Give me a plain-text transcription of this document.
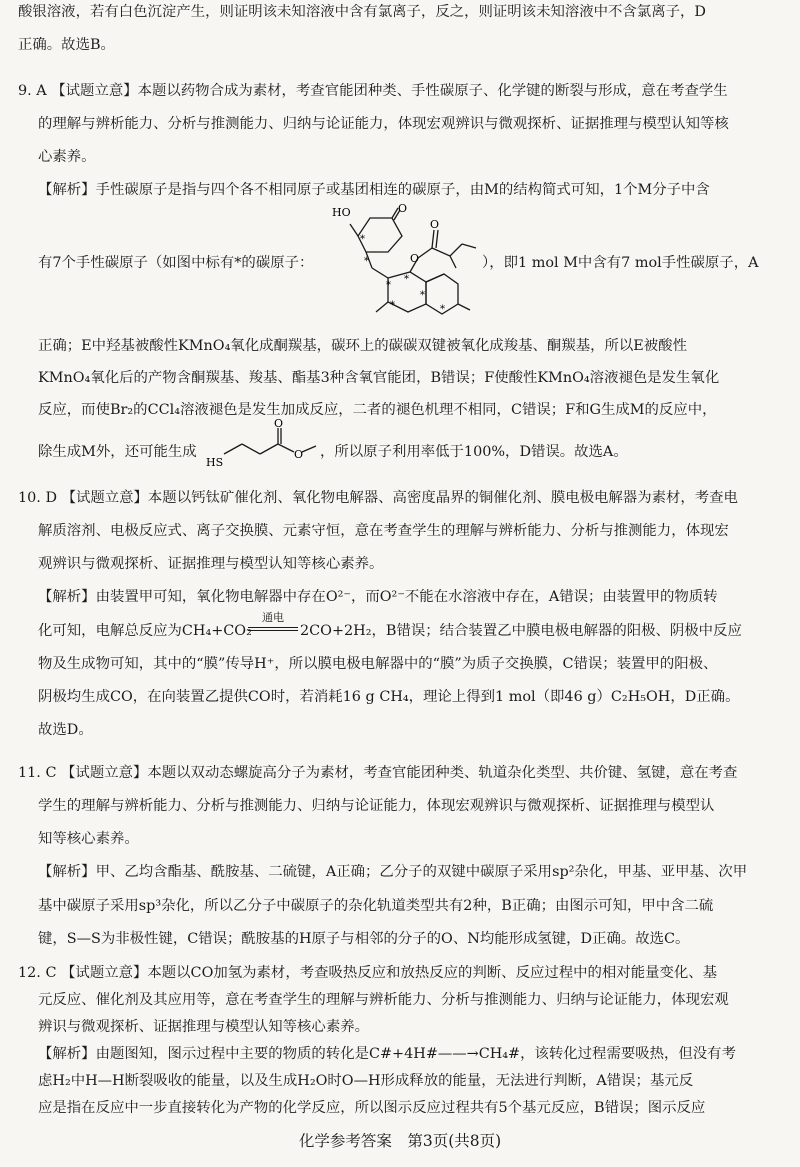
酸银溶液，若有白色沉淀产生，则证明该未知溶液中含有氯离子，反之，则证明该未知溶液中不含氯离子，D
正确。故选B。
9. A 【试题立意】本题以药物合成为素材，考查官能团种类、手性碳原子、化学键的断裂与形成，意在考查学生
的理解与辨析能力、分析与推测能力、归纳与论证能力，体现宏观辨识与微观探析、证据推理与模型认知等核
心素养。
【解析】手性碳原子是指与四个各不相同原子或基团相连的碳原子，由M的结构简式可知，1个M分子中含
HO	O
O
O
*
*
*
*
*
*	*
有7个手性碳原子（如图中标有*的碳原子：	），即1 mol M中含有7 mol手性碳原子，A
正确；E中羟基被酸性KMnO₄氧化成酮羰基，碳环上的碳碳双键被氧化成羧基、酮羰基，所以E被酸性
KMnO₄氧化后的产物含酮羰基、羧基、酯基3种含氧官能团，B错误；F使酸性KMnO₄溶液褪色是发生氧化
反应，而使Br₂的CCl₄溶液褪色是发生加成反应，二者的褪色机理不相同，C错误；F和G生成M的反应中，
除生成M外，还可能生成
HS
O
O ，所以原子利用率低于100%，D错误。故选A。
10. D 【试题立意】本题以钙钛矿催化剂、氧化物电解器、高密度晶界的铜催化剂、膜电极电解器为素材，考查电
解质溶剂、电极反应式、离子交换膜、元素守恒，意在考查学生的理解与辨析能力、分析与推测能力，体现宏
观辨识与微观探析、证据推理与模型认知等核心素养。
【解析】由装置甲可知，氧化物电解器中存在O²⁻，而O²⁻不能在水溶液中存在，A错误；由装置甲的物质转
化可知，电解总反应为CH₄+CO₂
通电
2CO+2H₂，B错误；结合装置乙中膜电极电解器的阳极、阴极中反应
物及生成物可知，其中的“膜”传导H⁺，所以膜电极电解器中的“膜”为质子交换膜，C错误；装置甲的阳极、
阴极均生成CO，在向装置乙提供CO时，若消耗16 g CH₄，理论上得到1 mol（即46 g）C₂H₅OH，D正确。
故选D。
11. C 【试题立意】本题以双动态螺旋高分子为素材，考查官能团种类、轨道杂化类型、共价键、氢键，意在考查
学生的理解与辨析能力、分析与推测能力、归纳与论证能力，体现宏观辨识与微观探析、证据推理与模型认
知等核心素养。
【解析】甲、乙均含酯基、酰胺基、二硫键，A正确；乙分子的双键中碳原子采用sp²杂化，甲基、亚甲基、次甲
基中碳原子采用sp³杂化，所以乙分子中碳原子的杂化轨道类型共有2种，B正确；由图示可知，甲中含二硫
键，S—S为非极性键，C错误；酰胺基的H原子与相邻的分子的O、N均能形成氢键，D正确。故选C。
12. C 【试题立意】本题以CO加氢为素材，考查吸热反应和放热反应的判断、反应过程中的相对能量变化、基
元反应、催化剂及其应用等，意在考查学生的理解与辨析能力、分析与推测能力、归纳与论证能力，体现宏观
辨识与微观探析、证据推理与模型认知等核心素养。
【解析】由题图知，图示过程中主要的物质的转化是C#+4H#——→CH₄#，该转化过程需要吸热，但没有考
虑H₂中H—H断裂吸收的能量，以及生成H₂O时O—H形成释放的能量，无法进行判断，A错误；基元反
应是指在反应中一步直接转化为产物的化学反应，所以图示反应过程共有5个基元反应，B错误；图示反应
化学参考答案　第3页(共8页)
